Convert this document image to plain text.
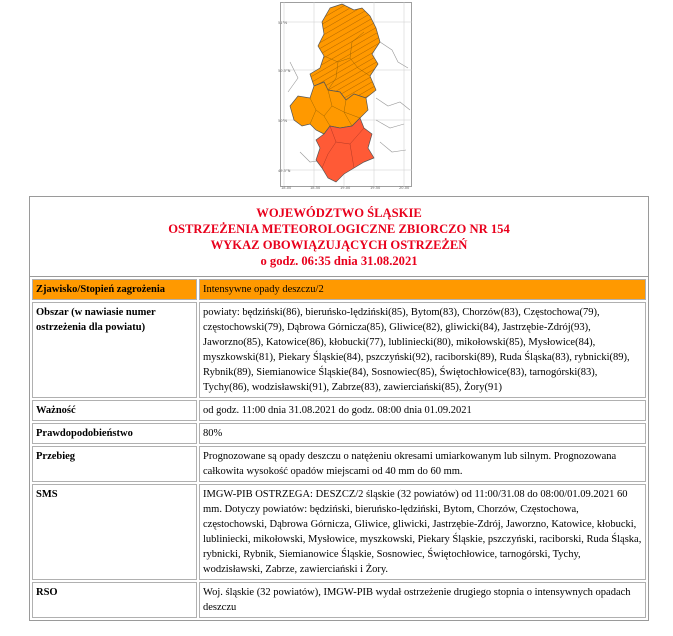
51°N
50.5°N
50°N
49.5°N
18.00	18.50	19.00	19.50	20.00
WOJEWÓDZTWO ŚLĄSKIE
OSTRZEŻENIA METEOROLOGICZNE ZBIORCZO NR 154
WYKAZ OBOWIĄZUJĄCYCH OSTRZEŻEŃ
o godz. 06:35 dnia 31.08.2021
Zjawisko/Stopień zagrożenia	Intensywne opady deszczu/2
Obszar (w nawiasie numer ostrzeżenia dla powiatu)	powiaty: będziński(86), bieruńsko-lędziński(85), Bytom(83), Chorzów(83), Częstochowa(79), częstochowski(79), Dąbrowa Górnicza(85), Gliwice(82), gliwicki(84), Jastrzębie-Zdrój(93), Jaworzno(85), Katowice(86), kłobucki(77), lubliniecki(80), mikołowski(85), Mysłowice(84), myszkowski(81), Piekary Śląskie(84), pszczyński(92), raciborski(89), Ruda Śląska(83), rybnicki(89), Rybnik(89), Siemianowice Śląskie(84), Sosnowiec(85), Świętochłowice(83), tarnogórski(83), Tychy(86), wodzisławski(91), Zabrze(83), zawierciański(85), Żory(91)
Ważność	od godz. 11:00 dnia 31.08.2021 do godz. 08:00 dnia 01.09.2021
Prawdopodobieństwo	80%
Przebieg	Prognozowane są opady deszczu o natężeniu okresami umiarkowanym lub silnym. Prognozowana całkowita wysokość opadów miejscami od 40 mm do 60 mm.
SMS	IMGW-PIB OSTRZEGA: DESZCZ/2 śląskie (32 powiatów) od 11:00/31.08 do 08:00/01.09.2021 60 mm. Dotyczy powiatów: będziński, bieruńsko-lędziński, Bytom, Chorzów, Częstochowa, częstochowski, Dąbrowa Górnicza, Gliwice, gliwicki, Jastrzębie-Zdrój, Jaworzno, Katowice, kłobucki, lubliniecki, mikołowski, Mysłowice, myszkowski, Piekary Śląskie, pszczyński, raciborski, Ruda Śląska, rybnicki, Rybnik, Siemianowice Śląskie, Sosnowiec, Świętochłowice, tarnogórski, Tychy, wodzisławski, Zabrze, zawierciański i Żory.
RSO	Woj. śląskie (32 powiatów), IMGW-PIB wydał ostrzeżenie drugiego stopnia o intensywnych opadach deszczu
